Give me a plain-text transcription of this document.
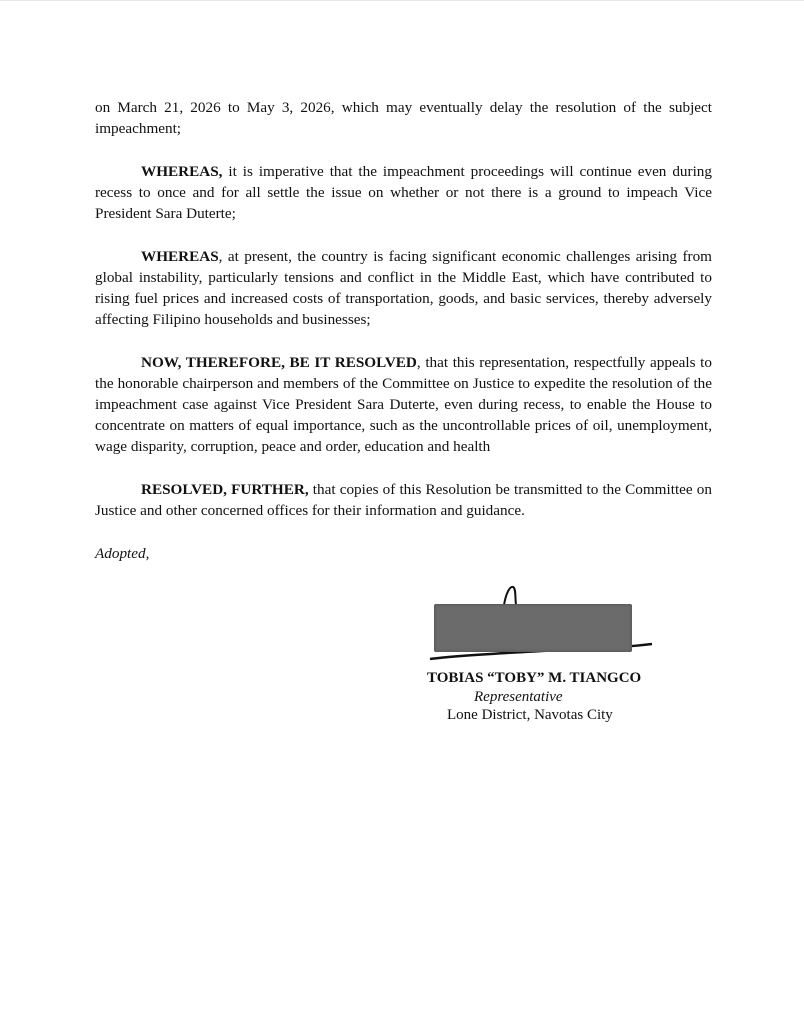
on March 21, 2026 to May 3, 2026, which may eventually delay the resolution of the subject impeachment;

WHEREAS, it is imperative that the impeachment proceedings will continue even during recess to once and for all settle the issue on whether or not there is a ground to impeach Vice President Sara Duterte;

WHEREAS, at present, the country is facing significant economic challenges arising from global instability, particularly tensions and conflict in the Middle East, which have contributed to rising fuel prices and increased costs of transportation, goods, and basic services, thereby adversely affecting Filipino households and businesses;

NOW, THEREFORE, BE IT RESOLVED, that this representation, respectfully appeals to the honorable chairperson and members of the Committee on Justice to expedite the resolution of the impeachment case against Vice President Sara Duterte, even during recess, to enable the House to concentrate on matters of equal importance, such as the uncontrollable prices of oil, unemployment, wage disparity, corruption, peace and order, education and health

RESOLVED, FURTHER, that copies of this Resolution be transmitted to the Committee on Justice and other concerned offices for their information and guidance.

Adopted,

TOBIAS “TOBY” M. TIANGCO
Representative
Lone District, Navotas City
